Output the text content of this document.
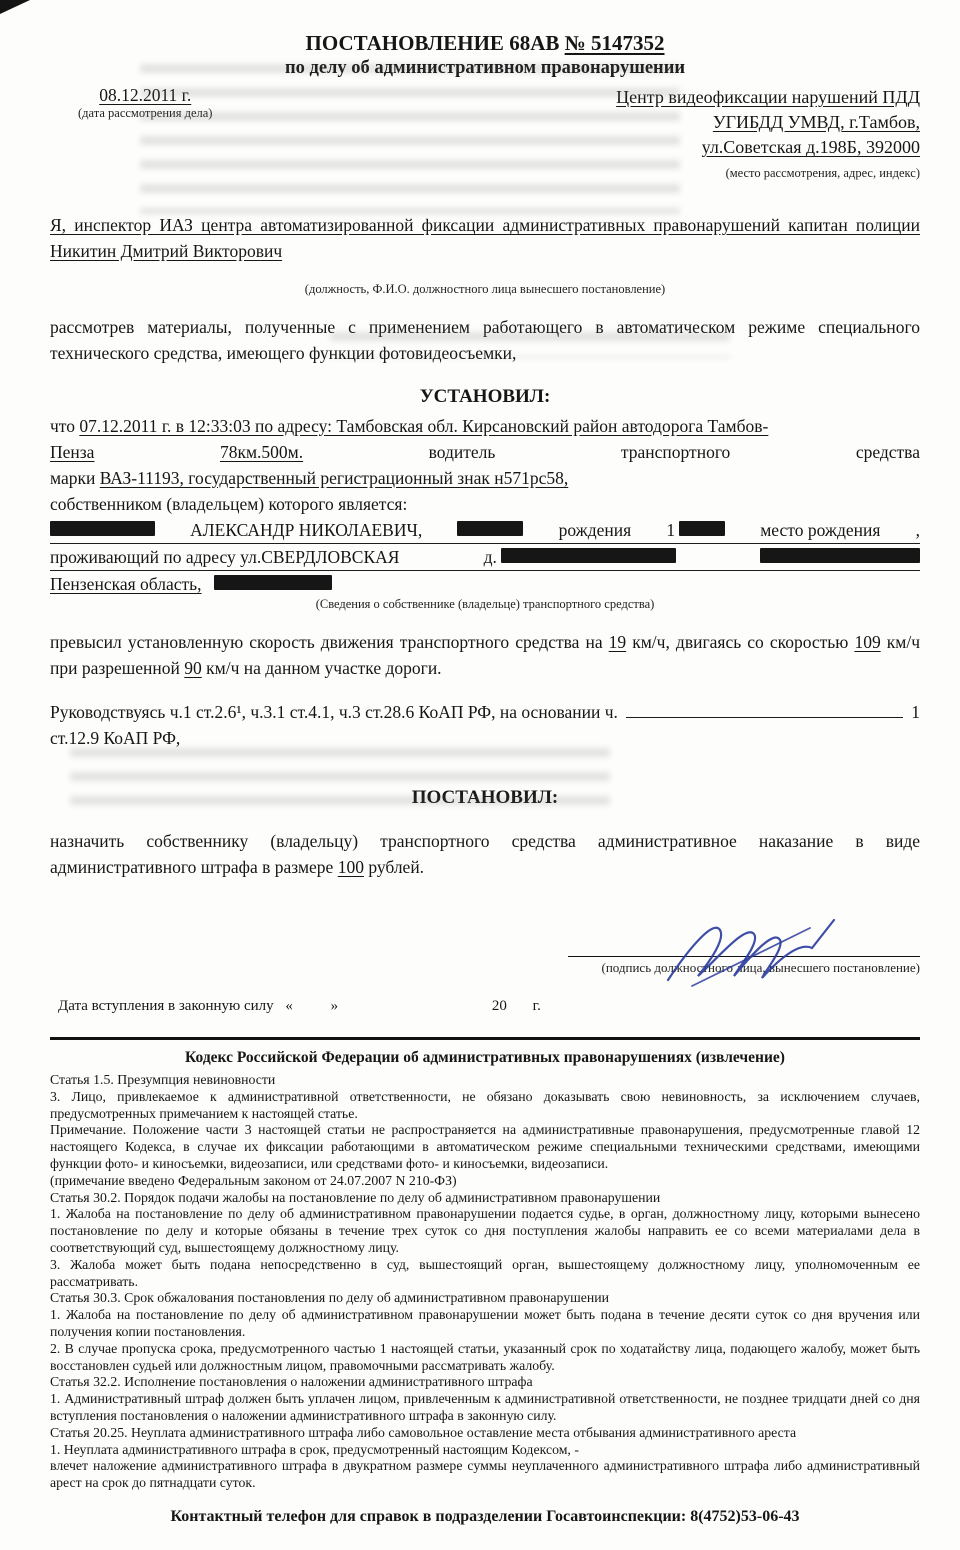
ПОСТАНОВЛЕНИЕ 68АВ № 5147352
по делу об административном правонарушении
08.12.2011 г.
(дата рассмотрения дела)
Центр видеофиксации нарушений ПДД
УГИБДД УМВД, г.Тамбов,
ул.Советская д.198Б, 392000
(место рассмотрения, адрес, индекс)

Я, инспектор ИАЗ центра автоматизированной фиксации административных правонарушений капитан полиции Никитин Дмитрий Викторович

(должность, Ф.И.О. должностного лица вынесшего постановление)

рассмотрев материалы, полученные с применением работающего в автоматическом режиме специального технического средства, имеющего функции фотовидеосъемки,

УСТАНОВИЛ:
что 07.12.2011 г. в 12:33:03 по адресу: Тамбовская обл. Кирсановский район автодорога Тамбов-
Пенза	78км.500м.	водитель	транспортного	средства
марки ВАЗ-11193, государственный регистрационный знак н571рс58,
собственником (владельцем) которого является:
АЛЕКСАНДР НИКОЛАЕВИЧ,	рождения 1	место рождения ,
проживающий по адресу ул.СВЕРДЛОВСКАЯ	д.
Пензенская область,
(Сведения о собственнике (владельце) транспортного средства)

превысил установленную скорость движения транспортного средства на 19 км/ч, двигаясь со скоростью 109 км/ч при разрешенной 90 км/ч на данном участке дороги.

Руководствуясь ч.1 ст.2.6¹, ч.3.1 ст.4.1, ч.3 ст.28.6 КоАП РФ, на основании ч.	1
ст.12.9 КоАП РФ,
ПОСТАНОВИЛ:

назначить собственнику (владельцу) транспортного средства административное наказание в виде административного штрафа в размере 100 рублей.

(подпись должностного лица, вынесшего постановление)
Дата вступления в законную силу «	»	20 г.
Кодекс Российской Федерации об административных правонарушениях (извлечение)
Статья 1.5. Презумпция невиновности
3. Лицо, привлекаемое к административной ответственности, не обязано доказывать свою невиновность, за исключением случаев, предусмотренных примечанием к настоящей статье.
Примечание. Положение части 3 настоящей статьи не распространяется на административные правонарушения, предусмотренные главой 12 настоящего Кодекса, в случае их фиксации работающими в автоматическом режиме специальными техническими средствами, имеющими функции фото- и киносъемки, видеозаписи, или средствами фото- и киносъемки, видеозаписи.
(примечание введено Федеральным законом от 24.07.2007 N 210-ФЗ)
Статья 30.2. Порядок подачи жалобы на постановление по делу об административном правонарушении
1. Жалоба на постановление по делу об административном правонарушении подается судье, в орган, должностному лицу, которыми вынесено постановление по делу и которые обязаны в течение трех суток со дня поступления жалобы направить ее со всеми материалами дела в соответствующий суд, вышестоящему должностному лицу.
3. Жалоба может быть подана непосредственно в суд, вышестоящий орган, вышестоящему должностному лицу, уполномоченным ее рассматривать.
Статья 30.3. Срок обжалования постановления по делу об административном правонарушении
1. Жалоба на постановление по делу об административном правонарушении может быть подана в течение десяти суток со дня вручения или получения копии постановления.
2. В случае пропуска срока, предусмотренного частью 1 настоящей статьи, указанный срок по ходатайству лица, подающего жалобу, может быть восстановлен судьей или должностным лицом, правомочными рассматривать жалобу.
Статья 32.2. Исполнение постановления о наложении административного штрафа
1. Административный штраф должен быть уплачен лицом, привлеченным к административной ответственности, не позднее тридцати дней со дня вступления постановления о наложении административного штрафа в законную силу.
Статья 20.25. Неуплата административного штрафа либо самовольное оставление места отбывания административного ареста
1. Неуплата административного штрафа в срок, предусмотренный настоящим Кодексом, -
влечет наложение административного штрафа в двукратном размере суммы неуплаченного административного штрафа либо административный арест на срок до пятнадцати суток.
Контактный телефон для справок в подразделении Госавтоинспекции: 8(4752)53-06-43
